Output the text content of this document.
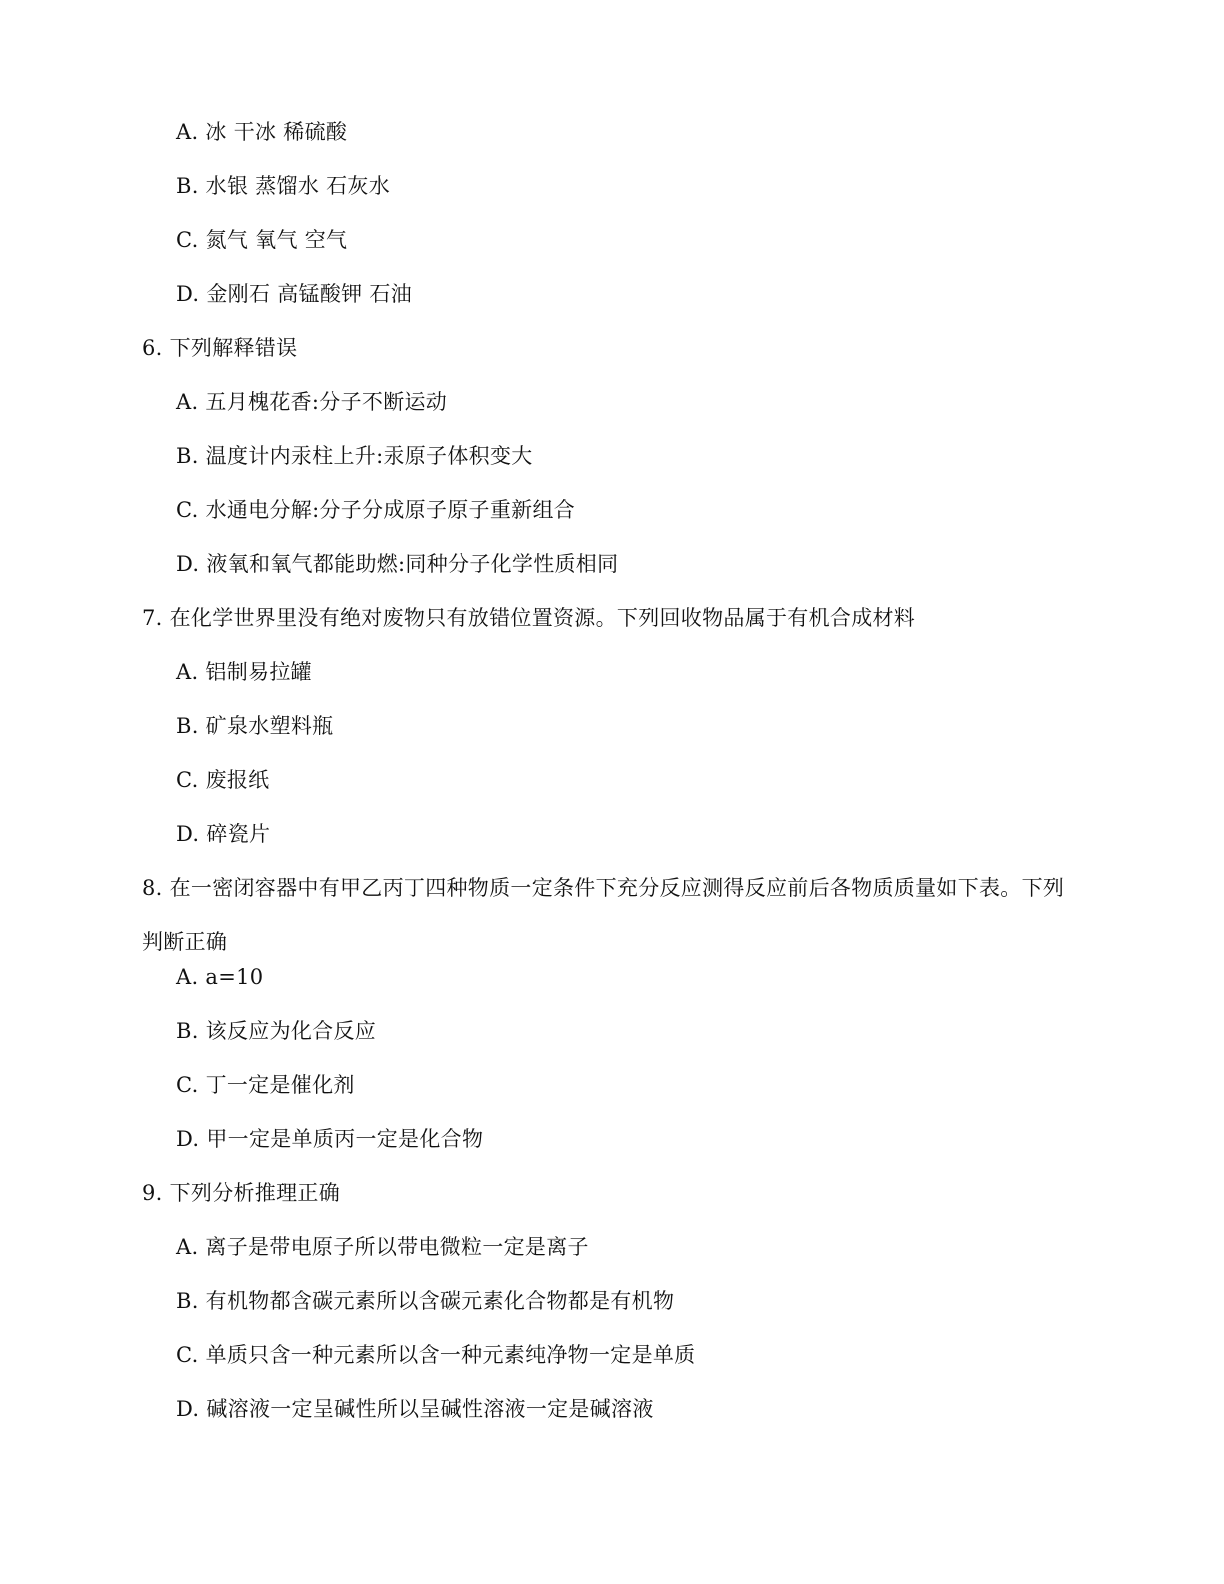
A. 冰 干冰 稀硫酸
B. 水银 蒸馏水 石灰水
C. 氮气 氧气 空气
D. 金刚石 高锰酸钾 石油
6. 下列解释错误
A. 五月槐花香:分子不断运动
B. 温度计内汞柱上升:汞原子体积变大
C. 水通电分解:分子分成原子原子重新组合
D. 液氧和氧气都能助燃:同种分子化学性质相同
7. 在化学世界里没有绝对废物只有放错位置资源。下列回收物品属于有机合成材料
A. 铝制易拉罐
B. 矿泉水塑料瓶
C. 废报纸
D. 碎瓷片
8. 在一密闭容器中有甲乙丙丁四种物质一定条件下充分反应测得反应前后各物质质量如下表。下列判断正确
A. a=10
B. 该反应为化合反应
C. 丁一定是催化剂
D. 甲一定是单质丙一定是化合物
9. 下列分析推理正确
A. 离子是带电原子所以带电微粒一定是离子
B. 有机物都含碳元素所以含碳元素化合物都是有机物
C. 单质只含一种元素所以含一种元素纯净物一定是单质
D. 碱溶液一定呈碱性所以呈碱性溶液一定是碱溶液
